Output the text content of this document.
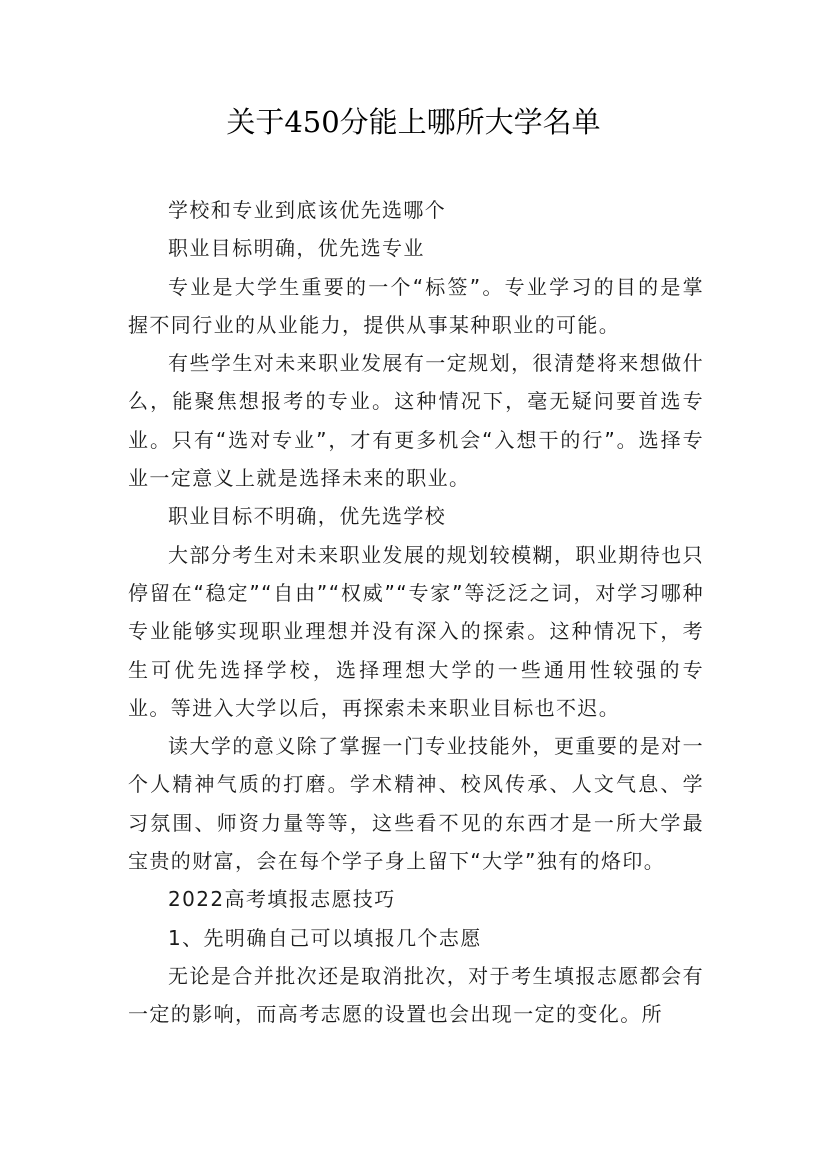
关于450分能上哪所大学名单

学校和专业到底该优先选哪个

职业目标明确，优先选专业

专业是大学生重要的一个“标签”。专业学习的目的是掌握不同行业的从业能力，提供从事某种职业的可能。

有些学生对未来职业发展有一定规划，很清楚将来想做什么，能聚焦想报考的专业。这种情况下，毫无疑问要首选专业。只有“选对专业”，才有更多机会“入想干的行”。选择专业一定意义上就是选择未来的职业。

职业目标不明确，优先选学校

大部分考生对未来职业发展的规划较模糊，职业期待也只停留在“稳定”“自由”“权威”“专家”等泛泛之词，对学习哪种专业能够实现职业理想并没有深入的探索。这种情况下，考生可优先选择学校，选择理想大学的一些通用性较强的专业。等进入大学以后，再探索未来职业目标也不迟。

读大学的意义除了掌握一门专业技能外，更重要的是对一个人精神气质的打磨。学术精神、校风传承、人文气息、学习氛围、师资力量等等，这些看不见的东西才是一所大学最宝贵的财富，会在每个学子身上留下“大学”独有的烙印。

2022高考填报志愿技巧

1、先明确自己可以填报几个志愿

无论是合并批次还是取消批次，对于考生填报志愿都会有一定的影响，而高考志愿的设置也会出现一定的变化。所
